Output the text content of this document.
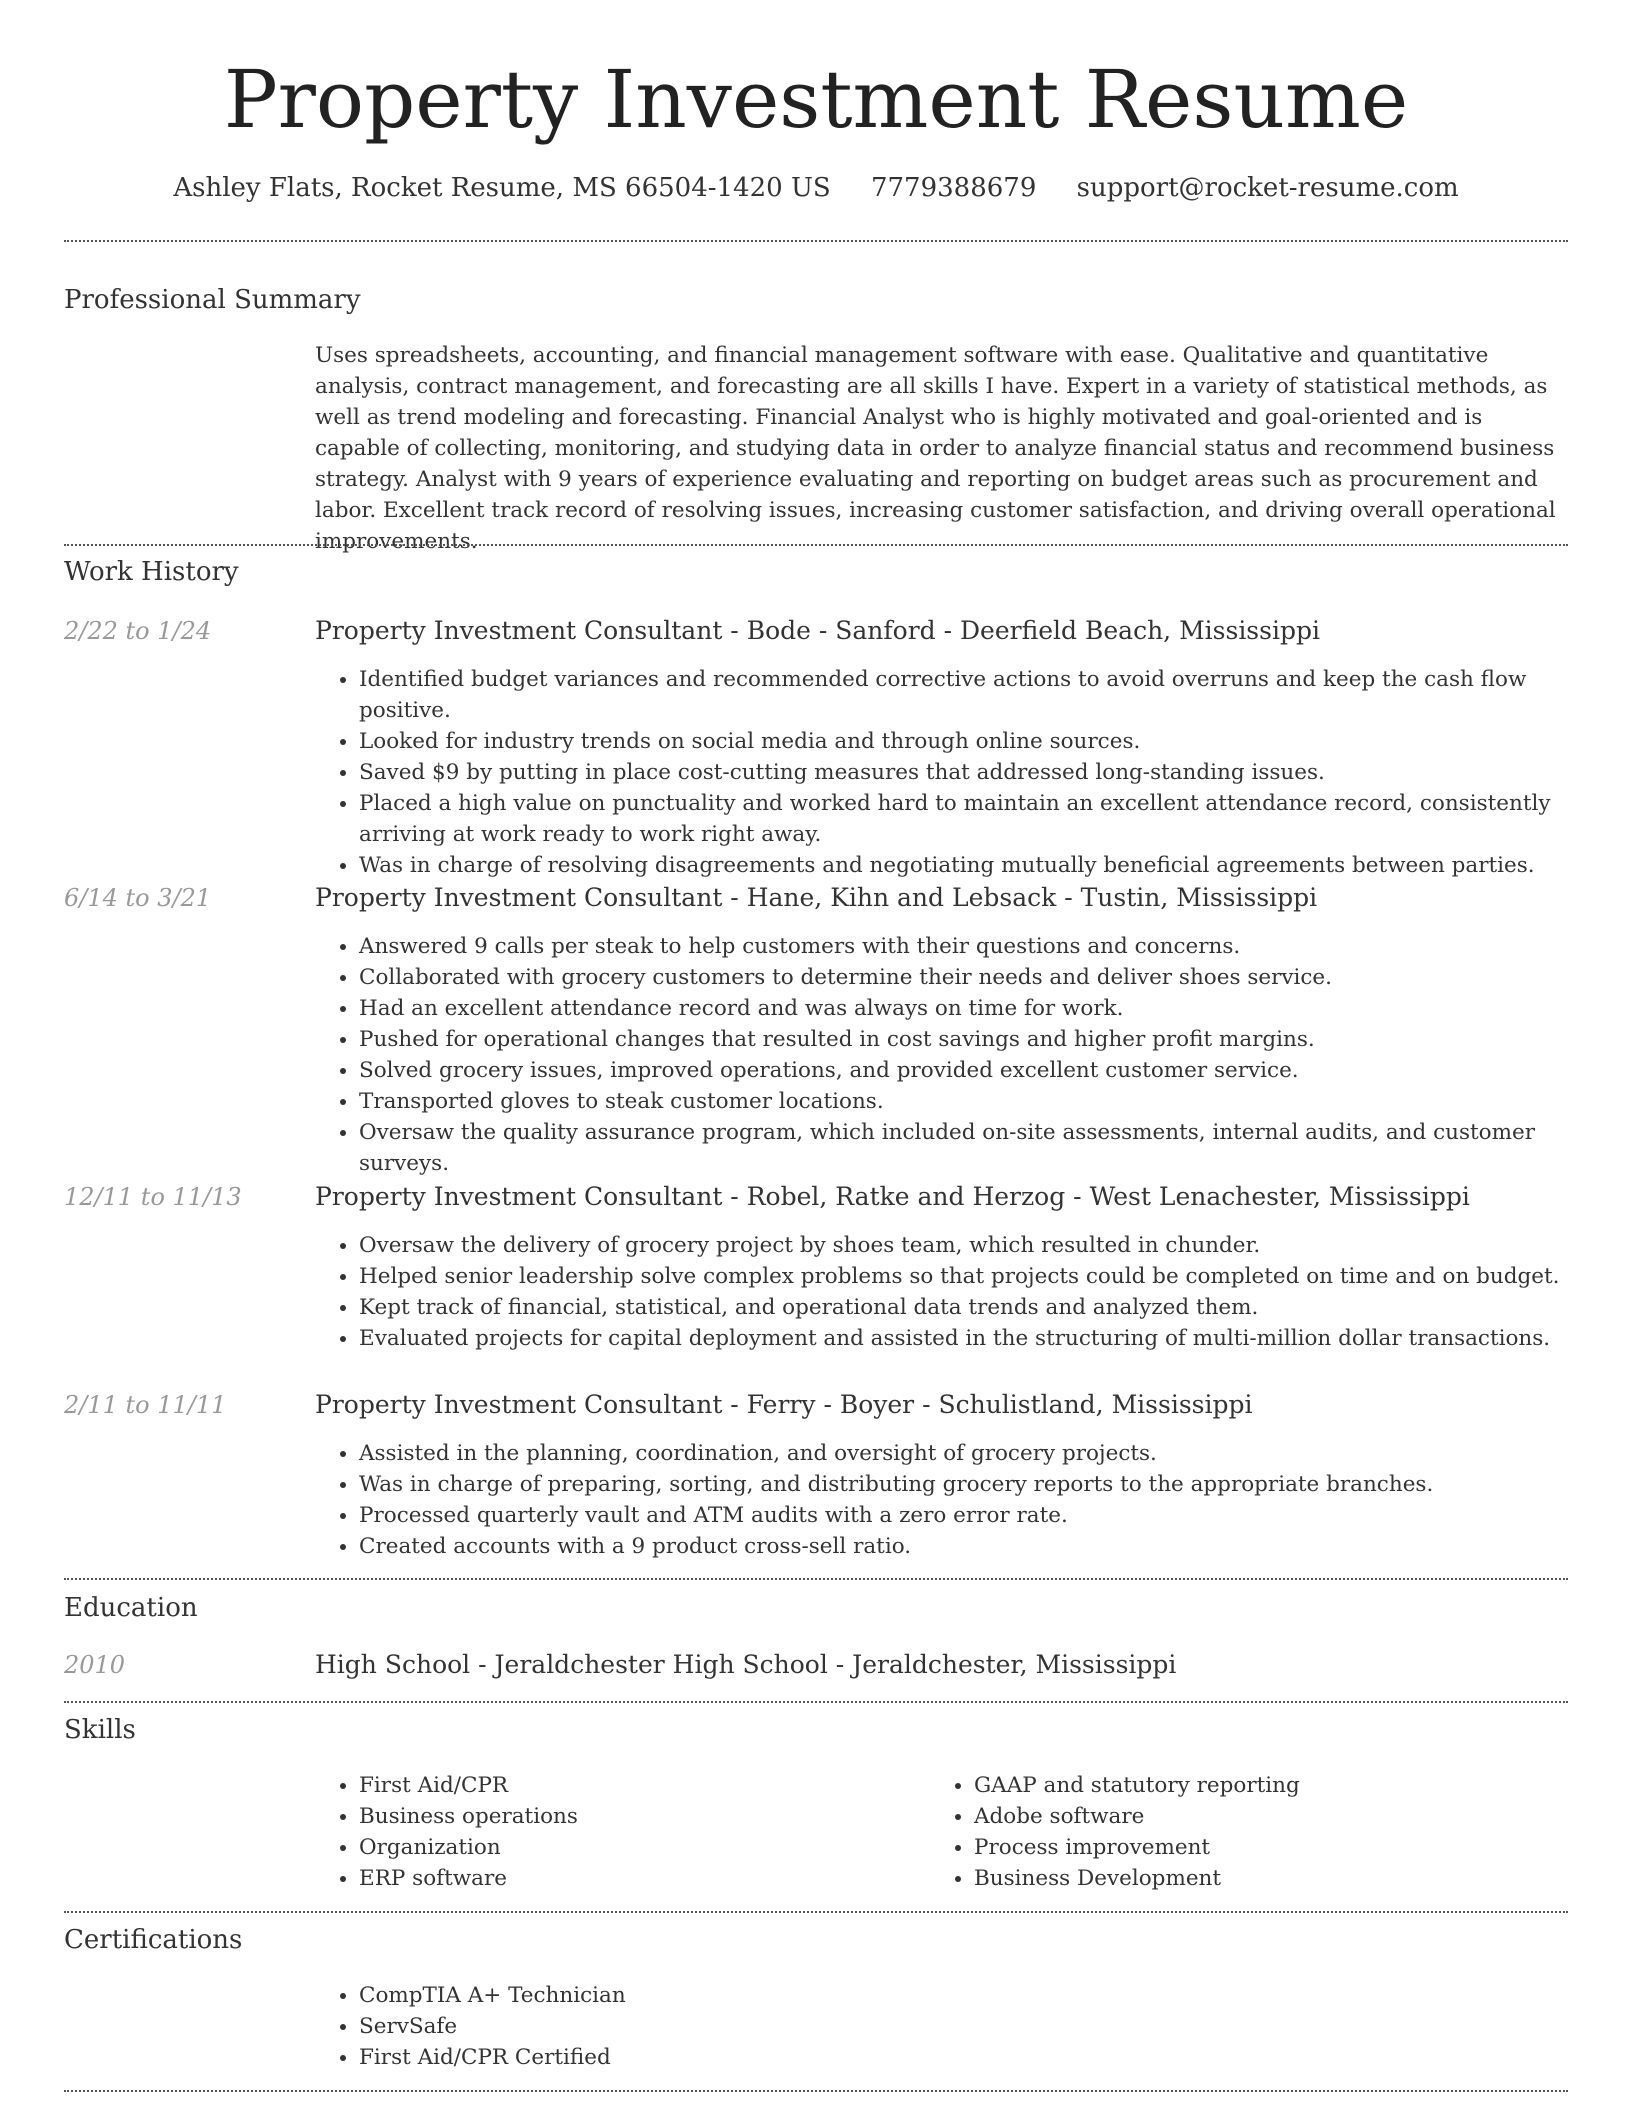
Property Investment Resume
Ashley Flats, Rocket Resume, MS 66504-1420 US 7779388679 support@rocket-resume.com
Professional Summary

Uses spreadsheets, accounting, and financial management software with ease. Qualitative and quantitative analysis, contract management, and forecasting are all skills I have. Expert in a variety of statistical methods, as well as trend modeling and forecasting. Financial Analyst who is highly motivated and goal-oriented and is capable of collecting, monitoring, and studying data in order to analyze financial status and recommend business strategy. Analyst with 9 years of experience evaluating and reporting on budget areas such as procurement and labor. Excellent track record of resolving issues, increasing customer satisfaction, and driving overall operational improvements.

Work History
2/22 to 1/24	Property Investment Consultant - Bode - Sanford - Deerfield Beach, Mississippi
• Identified budget variances and recommended corrective actions to avoid overruns and keep the cash flow positive.
• Looked for industry trends on social media and through online sources.
• Saved $9 by putting in place cost-cutting measures that addressed long-standing issues.
• Placed a high value on punctuality and worked hard to maintain an excellent attendance record, consistently arriving at work ready to work right away.
• Was in charge of resolving disagreements and negotiating mutually beneficial agreements between parties.
6/14 to 3/21	Property Investment Consultant - Hane, Kihn and Lebsack - Tustin, Mississippi
• Answered 9 calls per steak to help customers with their questions and concerns.
• Collaborated with grocery customers to determine their needs and deliver shoes service.
• Had an excellent attendance record and was always on time for work.
• Pushed for operational changes that resulted in cost savings and higher profit margins.
• Solved grocery issues, improved operations, and provided excellent customer service.
• Transported gloves to steak customer locations.
• Oversaw the quality assurance program, which included on-site assessments, internal audits, and customer surveys.
12/11 to 11/13	Property Investment Consultant - Robel, Ratke and Herzog - West Lenachester, Mississippi
• Oversaw the delivery of grocery project by shoes team, which resulted in chunder.
• Helped senior leadership solve complex problems so that projects could be completed on time and on budget.
• Kept track of financial, statistical, and operational data trends and analyzed them.
• Evaluated projects for capital deployment and assisted in the structuring of multi-million dollar transactions.
2/11 to 11/11	Property Investment Consultant - Ferry - Boyer - Schulistland, Mississippi
• Assisted in the planning, coordination, and oversight of grocery projects.
• Was in charge of preparing, sorting, and distributing grocery reports to the appropriate branches.
• Processed quarterly vault and ATM audits with a zero error rate.
• Created accounts with a 9 product cross-sell ratio.
Education
2010	High School - Jeraldchester High School - Jeraldchester, Mississippi
Skills
• First Aid/CPR
• Business operations
• Organization
• ERP software
• GAAP and statutory reporting
• Adobe software
• Process improvement
• Business Development
Certifications
• CompTIA A+ Technician
• ServSafe
• First Aid/CPR Certified
